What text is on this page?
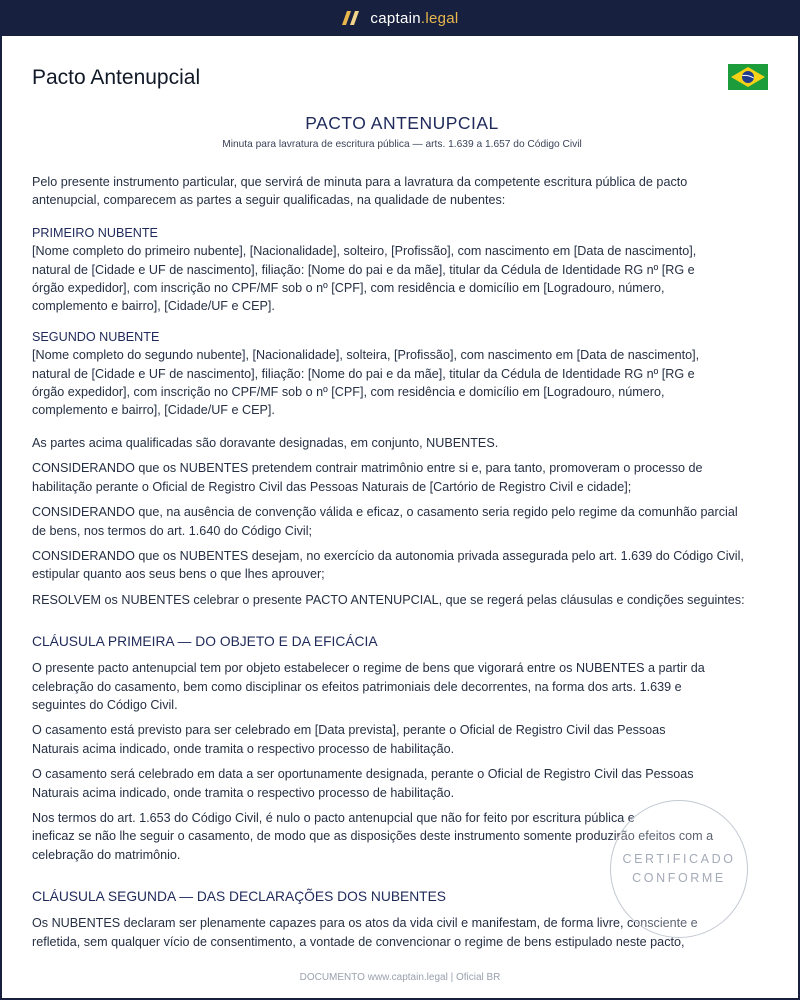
captain.legal
Pacto Antenupcial
PACTO ANTENUPCIAL

Minuta para lavratura de escritura pública — arts. 1.639 a 1.657 do Código Civil

Pelo presente instrumento particular, que servirá de minuta para a lavratura da competente escritura pública de pacto
antenupcial, comparecem as partes a seguir qualificadas, na qualidade de nubentes:
PRIMEIRO NUBENTE
[Nome completo do primeiro nubente], [Nacionalidade], solteiro, [Profissão], com nascimento em [Data de nascimento],
natural de [Cidade e UF de nascimento], filiação: [Nome do pai e da mãe], titular da Cédula de Identidade RG nº [RG e
órgão expedidor], com inscrição no CPF/MF sob o nº [CPF], com residência e domicílio em [Logradouro, número,
complemento e bairro], [Cidade/UF e CEP].
SEGUNDO NUBENTE
[Nome completo do segundo nubente], [Nacionalidade], solteira, [Profissão], com nascimento em [Data de nascimento],
natural de [Cidade e UF de nascimento], filiação: [Nome do pai e da mãe], titular da Cédula de Identidade RG nº [RG e
órgão expedidor], com inscrição no CPF/MF sob o nº [CPF], com residência e domicílio em [Logradouro, número,
complemento e bairro], [Cidade/UF e CEP].
As partes acima qualificadas são doravante designadas, em conjunto, NUBENTES.
CONSIDERANDO que os NUBENTES pretendem contrair matrimônio entre si e, para tanto, promoveram o processo de
habilitação perante o Oficial de Registro Civil das Pessoas Naturais de [Cartório de Registro Civil e cidade];
CONSIDERANDO que, na ausência de convenção válida e eficaz, o casamento seria regido pelo regime da comunhão parcial
de bens, nos termos do art. 1.640 do Código Civil;
CONSIDERANDO que os NUBENTES desejam, no exercício da autonomia privada assegurada pelo art. 1.639 do Código Civil,
estipular quanto aos seus bens o que lhes aprouver;
RESOLVEM os NUBENTES celebrar o presente PACTO ANTENUPCIAL, que se regerá pelas cláusulas e condições seguintes:
CLÁUSULA PRIMEIRA — DO OBJETO E DA EFICÁCIA
O presente pacto antenupcial tem por objeto estabelecer o regime de bens que vigorará entre os NUBENTES a partir da
celebração do casamento, bem como disciplinar os efeitos patrimoniais dele decorrentes, na forma dos arts. 1.639 e
seguintes do Código Civil.
O casamento está previsto para ser celebrado em [Data prevista], perante o Oficial de Registro Civil das Pessoas
Naturais acima indicado, onde tramita o respectivo processo de habilitação.
O casamento será celebrado em data a ser oportunamente designada, perante o Oficial de Registro Civil das Pessoas
Naturais acima indicado, onde tramita o respectivo processo de habilitação.
Nos termos do art. 1.653 do Código Civil, é nulo o pacto antenupcial que não for feito por escritura pública e
ineficaz se não lhe seguir o casamento, de modo que as disposições deste instrumento somente produzirão efeitos com a
celebração do matrimônio.
CLÁUSULA SEGUNDA — DAS DECLARAÇÕES DOS NUBENTES
Os NUBENTES declaram ser plenamente capazes para os atos da vida civil e manifestam, de forma livre, consciente e
refletida, sem qualquer vício de consentimento, a vontade de convencionar o regime de bens estipulado neste pacto,
CERTIFICADO
CONFORME
DOCUMENTO www.captain.legal | Oficial BR
